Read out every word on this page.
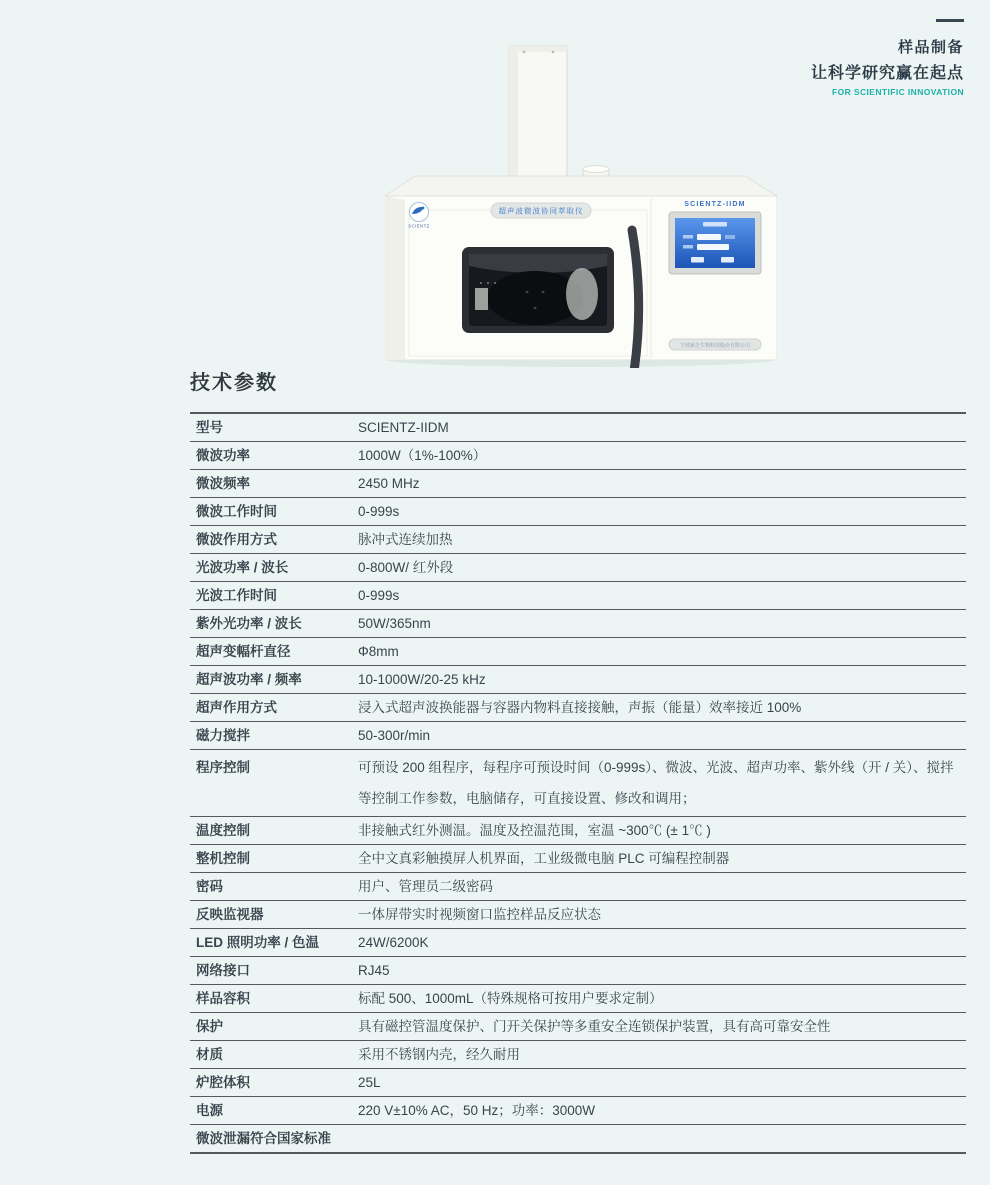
样品制备
让科学研究赢在起点
FOR SCIENTIFIC INNOVATION
SCIENTZ
超声波微波协同萃取仪
SCIENTZ-IIDM
宁波新芝生物科技股份有限公司
技术参数
型号	SCIENTZ-IIDM
微波功率	1000W（1%-100%）
微波频率	2450 MHz
微波工作时间	0-999s
微波作用方式	脉冲式连续加热
光波功率 / 波长	0-800W/ 红外段
光波工作时间	0-999s
紫外光功率 / 波长	50W/365nm
超声变幅杆直径	Φ8mm
超声波功率 / 频率	10-1000W/20-25 kHz
超声作用方式	浸入式超声波换能器与容器内物料直接接触，声振（能量）效率接近 100%
磁力搅拌	50-300r/min
程序控制	可预设 200 组程序，每程序可预设时间（0-999s）、微波、光波、超声功率、紫外线（开 / 关）、搅拌等控制工作参数，电脑储存，可直接设置、修改和调用；
温度控制	非接触式红外测温。温度及控温范围，室温 ~300℃ (± 1℃ )
整机控制	全中文真彩触摸屏人机界面，工业级微电脑 PLC 可编程控制器
密码	用户、管理员二级密码
反映监视器	一体屏带实时视频窗口监控样品反应状态
LED 照明功率 / 色温	24W/6200K
网络接口	RJ45
样品容积	标配 500、1000mL（特殊规格可按用户要求定制）
保护	具有磁控管温度保护、门开关保护等多重安全连锁保护装置，具有高可靠安全性
材质	采用不锈钢内壳，经久耐用
炉腔体积	25L
电源	220 V±10% AC，50 Hz；功率：3000W
微波泄漏符合国家标准
